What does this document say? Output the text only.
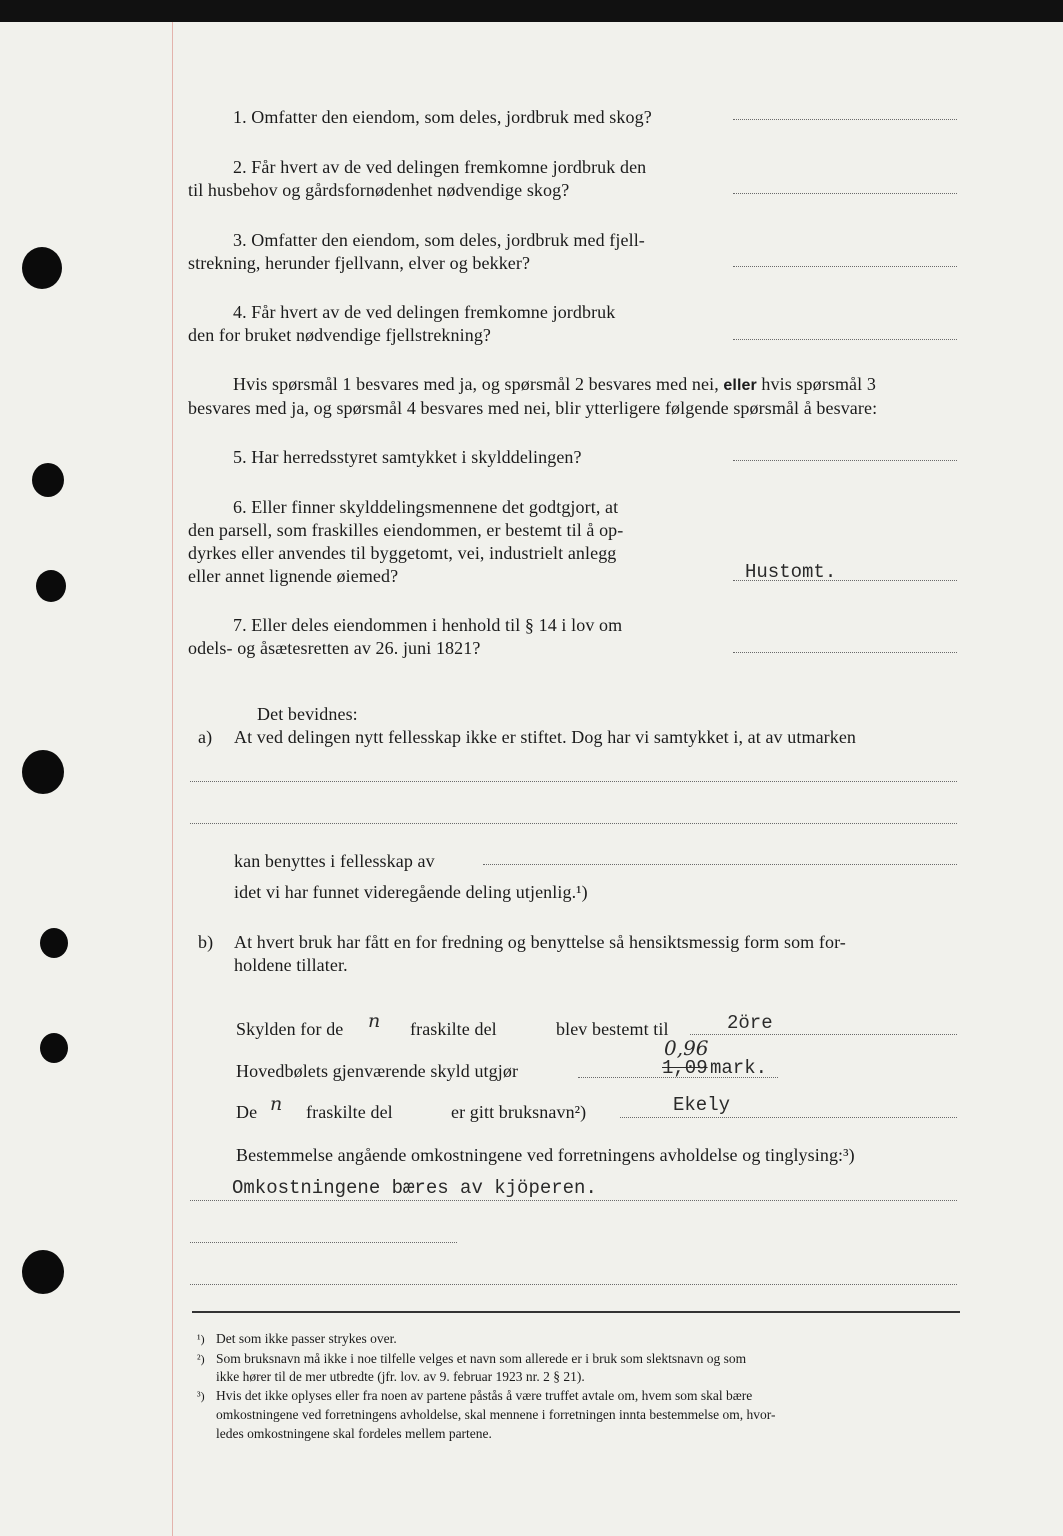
1. Omfatter den eiendom, som deles, jordbruk med skog?
2. Får hvert av de ved delingen fremkomne jordbruk den
til husbehov og gårdsfornødenhet nødvendige skog?
3. Omfatter den eiendom, som deles, jordbruk med fjell-
strekning, herunder fjellvann, elver og bekker?
4. Får hvert av de ved delingen fremkomne jordbruk
den for bruket nødvendige fjellstrekning?
Hvis spørsmål 1 besvares med ja, og spørsmål 2 besvares med nei, eller hvis spørsmål 3
besvares med ja, og spørsmål 4 besvares med nei, blir ytterligere følgende spørsmål å besvare:
5. Har herredsstyret samtykket i skylddelingen?
6. Eller finner skylddelingsmennene det godtgjort, at
den parsell, som fraskilles eiendommen, er bestemt til å op-
dyrkes eller anvendes til byggetomt, vei, industrielt anlegg
eller annet lignende øiemed?	Hustomt.
7. Eller deles eiendommen i henhold til § 14 i lov om
odels- og åsætesretten av 26. juni 1821?
Det bevidnes:
a) At ved delingen nytt fellesskap ikke er stiftet. Dog har vi samtykket i, at av utmarken
kan benyttes i fellesskap av
idet vi har funnet videregående deling utjenlig.¹)
b) At hvert bruk har fått en for fredning og benyttelse så hensiktsmessig form som for-
holdene tillater.
Skylden for de n fraskilte del	blev bestemt til	2öre
Hovedbølets gjenværende skyld utgjør
0,96
1,09 mark.
De n fraskilte del	er gitt bruksnavn²)	Ekely
Bestemmelse angående omkostningene ved forretningens avholdelse og tinglysing:³)
Omkostningene bæres av kjöperen.
¹) Det som ikke passer strykes over.
²) Som bruksnavn må ikke i noe tilfelle velges et navn som allerede er i bruk som slektsnavn og som
ikke hører til de mer utbredte (jfr. lov. av 9. februar 1923 nr. 2 § 21).
³) Hvis det ikke oplyses eller fra noen av partene påstås å være truffet avtale om, hvem som skal bære
omkostningene ved forretningens avholdelse, skal mennene i forretningen innta bestemmelse om, hvor-
ledes omkostningene skal fordeles mellem partene.
